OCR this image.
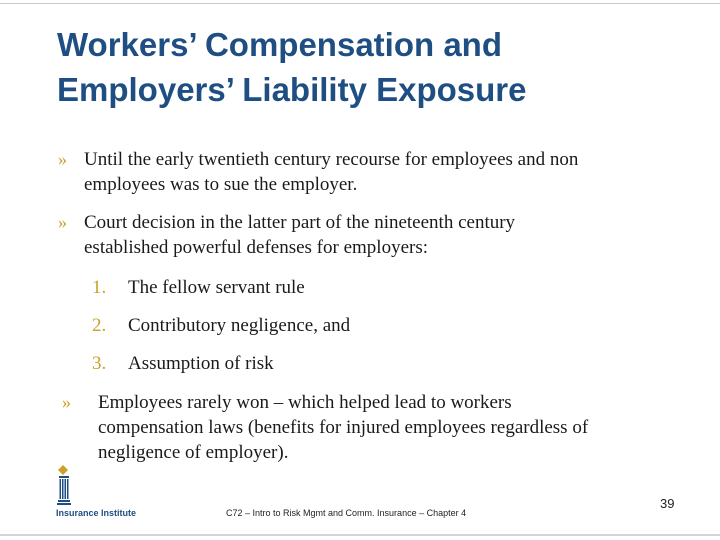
Workers’ Compensation and
Employers’ Liability Exposure
» Until the early twentieth century recourse for employees and non
employees was to sue the employer.
» Court decision in the latter part of the nineteenth century
established powerful defenses for employers:
1. The fellow servant rule
2. Contributory negligence, and
3. Assumption of risk
» Employees rarely won – which helped lead to workers
compensation laws (benefits for injured employees regardless of
negligence of employer).
Insurance Institute	C72 – Intro to Risk Mgmt and Comm. Insurance – Chapter 4
39
